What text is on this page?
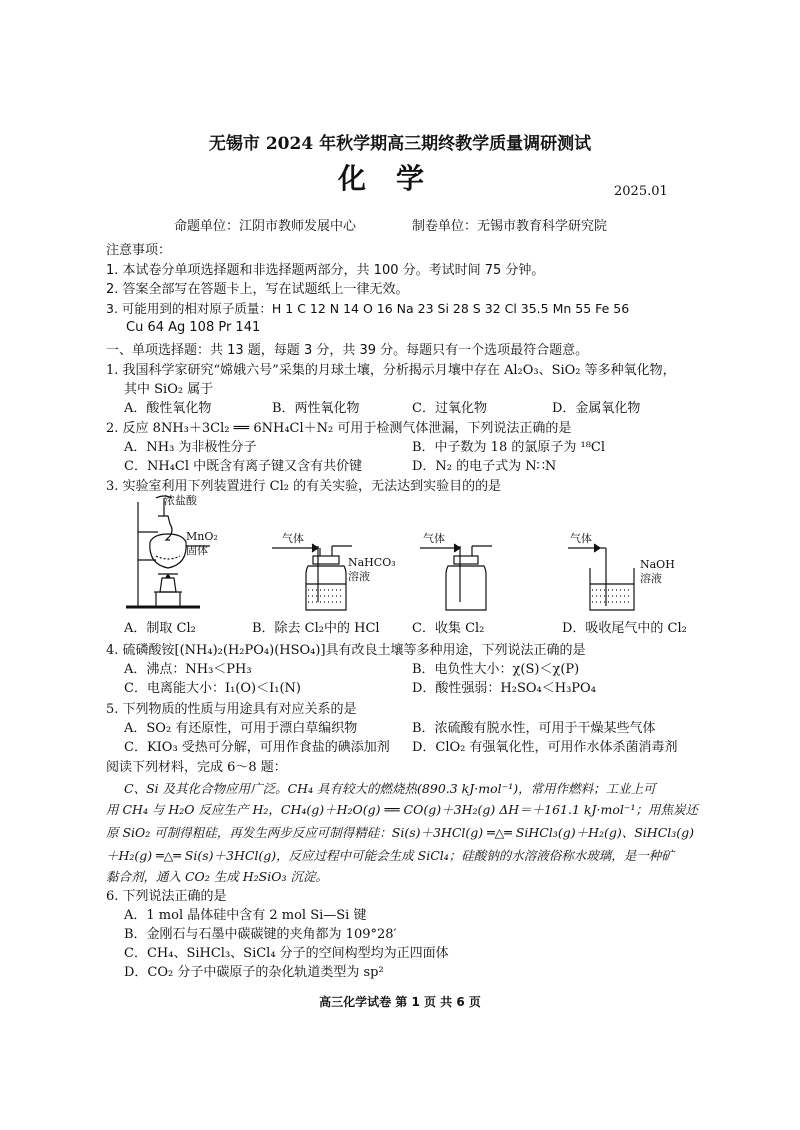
无锡市 2024 年秋学期高三期终教学质量调研测试
化学	2025.01
命题单位：江阴市教师发展中心	制卷单位：无锡市教育科学研究院
注意事项：
1. 本试卷分单项选择题和非选择题两部分，共 100 分。考试时间 75 分钟。
2. 答案全部写在答题卡上，写在试题纸上一律无效。
3. 可能用到的相对原子质量：H 1 C 12 N 14 O 16 Na 23 Si 28 S 32 Cl 35.5 Mn 55 Fe 56
Cu 64 Ag 108 Pr 141
一、单项选择题：共 13 题，每题 3 分，共 39 分。每题只有一个选项最符合题意。
1. 我国科学家研究“嫦娥六号”采集的月球土壤，分析揭示月壤中存在 Al₂O₃、SiO₂ 等多种氧化物，
其中 SiO₂ 属于
A．酸性氧化物	B．两性氧化物	C．过氧化物	D．金属氧化物
2. 反应 8NH₃＋3Cl₂ ══ 6NH₄Cl＋N₂ 可用于检测气体泄漏，下列说法正确的是
A．NH₃ 为非极性分子	B．中子数为 18 的氯原子为 ¹⁸Cl
C．NH₄Cl 中既含有离子键又含有共价键	D．N₂ 的电子式为 N∷N
3. 实验室利用下列装置进行 Cl₂ 的有关实验，无法达到实验目的的是
浓盐酸
MnO₂
固体
气体
NaHCO₃
溶液
气体	气体
NaOH
溶液
A．制取 Cl₂	B．除去 Cl₂中的 HCl C．收集 Cl₂	D．吸收尾气中的 Cl₂
4. 硫磷酸铵[(NH₄)₂(H₂PO₄)(HSO₄)]具有改良土壤等多种用途，下列说法正确的是
A．沸点：NH₃＜PH₃	B．电负性大小：χ(S)＜χ(P)
C．电离能大小：I₁(O)＜I₁(N)	D．酸性强弱：H₂SO₄＜H₃PO₄
5. 下列物质的性质与用途具有对应关系的是
A．SO₂ 有还原性，可用于漂白草编织物	B．浓硫酸有脱水性，可用于干燥某些气体
C．KIO₃ 受热可分解，可用作食盐的碘添加剂 D．ClO₂ 有强氧化性，可用作水体杀菌消毒剂
阅读下列材料，完成 6～8 题：
C、Si 及其化合物应用广泛。CH₄ 具有较大的燃烧热(890.3 kJ·mol⁻¹)，常用作燃料；工业上可
用 CH₄ 与 H₂O 反应生产 H₂，CH₄(g)＋H₂O(g) ══ CO(g)＋3H₂(g) ΔH＝＋161.1 kJ·mol⁻¹；用焦炭还
原 SiO₂ 可制得粗硅，再发生两步反应可制得精硅：Si(s)＋3HCl(g) ═△═ SiHCl₃(g)＋H₂(g)、SiHCl₃(g)
＋H₂(g) ═△═ Si(s)＋3HCl(g)，反应过程中可能会生成 SiCl₄；硅酸钠的水溶液俗称水玻璃，是一种矿
黏合剂，通入 CO₂ 生成 H₂SiO₃ 沉淀。
6. 下列说法正确的是
A．1 mol 晶体硅中含有 2 mol Si—Si 键
B．金刚石与石墨中碳碳键的夹角都为 109°28′
C．CH₄、SiHCl₃、SiCl₄ 分子的空间构型均为正四面体
D．CO₂ 分子中碳原子的杂化轨道类型为 sp²
高三化学试卷 第 1 页 共 6 页
